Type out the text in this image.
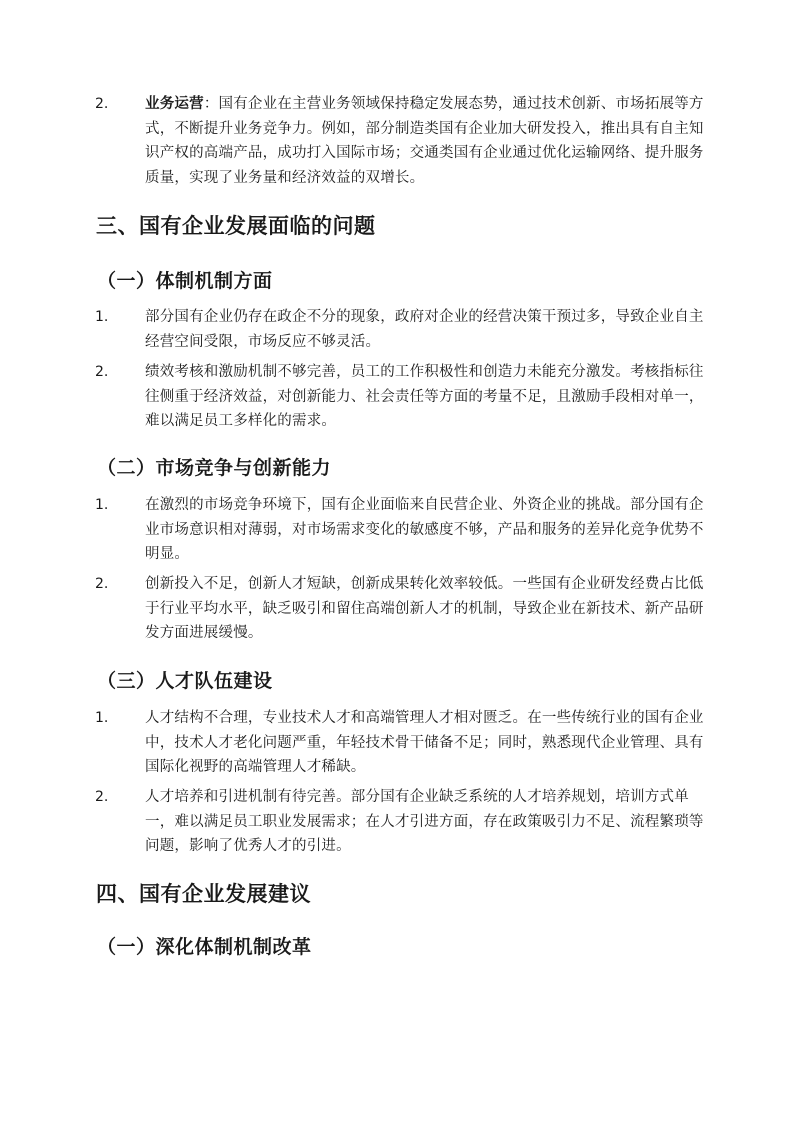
2.	业务运营：国有企业在主营业务领域保持稳定发展态势，通过技术创新、市场拓展等方式，不断提升业务竞争力。例如，部分制造类国有企业加大研发投入，推出具有自主知识产权的高端产品，成功打入国际市场；交通类国有企业通过优化运输网络、提升服务质量，实现了业务量和经济效益的双增长。
三、国有企业发展面临的问题
（一）体制机制方面
1.	部分国有企业仍存在政企不分的现象，政府对企业的经营决策干预过多，导致企业自主经营空间受限，市场反应不够灵活。
2.	绩效考核和激励机制不够完善，员工的工作积极性和创造力未能充分激发。考核指标往往侧重于经济效益，对创新能力、社会责任等方面的考量不足，且激励手段相对单一，难以满足员工多样化的需求。
（二）市场竞争与创新能力
1.	在激烈的市场竞争环境下，国有企业面临来自民营企业、外资企业的挑战。部分国有企业市场意识相对薄弱，对市场需求变化的敏感度不够，产品和服务的差异化竞争优势不明显。
2.	创新投入不足，创新人才短缺，创新成果转化效率较低。一些国有企业研发经费占比低于行业平均水平，缺乏吸引和留住高端创新人才的机制，导致企业在新技术、新产品研发方面进展缓慢。
（三）人才队伍建设
1.	人才结构不合理，专业技术人才和高端管理人才相对匮乏。在一些传统行业的国有企业中，技术人才老化问题严重，年轻技术骨干储备不足；同时，熟悉现代企业管理、具有国际化视野的高端管理人才稀缺。
2.	人才培养和引进机制有待完善。部分国有企业缺乏系统的人才培养规划，培训方式单一，难以满足员工职业发展需求；在人才引进方面，存在政策吸引力不足、流程繁琐等问题，影响了优秀人才的引进。
四、国有企业发展建议
（一）深化体制机制改革
